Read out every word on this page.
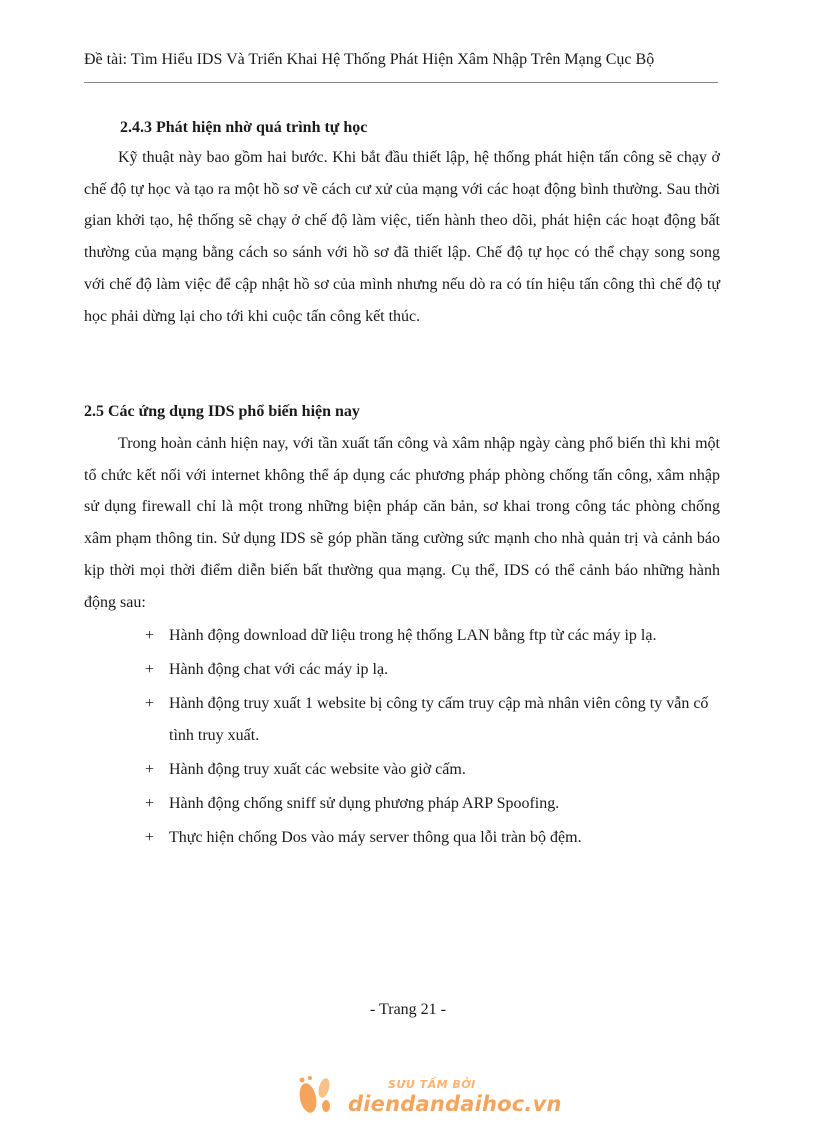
Đề tài: Tìm Hiểu IDS Và Triển Khai Hệ Thống Phát Hiện Xâm Nhập Trên Mạng Cục Bộ
2.4.3 Phát hiện nhờ quá trình tự học
Kỹ thuật này bao gồm hai bước. Khi bắt đầu thiết lập, hệ thống phát hiện tấn công sẽ chạy ở chế độ tự học và tạo ra một hồ sơ về cách cư xử của mạng với các hoạt động bình thường. Sau thời gian khởi tạo, hệ thống sẽ chạy ở chế độ làm việc, tiến hành theo dõi, phát hiện các hoạt động bất thường của mạng bằng cách so sánh với hồ sơ đã thiết lập. Chế độ tự học có thể chạy song song với chế độ làm việc để cập nhật hồ sơ của mình nhưng nếu dò ra có tín hiệu tấn công thì chế độ tự học phải dừng lại cho tới khi cuộc tấn công kết thúc.
2.5 Các ứng dụng IDS phổ biến hiện nay
Trong hoàn cảnh hiện nay, với tần xuất tấn công và xâm nhập ngày càng phổ biến thì khi một tổ chức kết nối với internet không thể áp dụng các phương pháp phòng chống tấn công, xâm nhập sử dụng firewall chỉ là một trong những biện pháp căn bản, sơ khai trong công tác phòng chống xâm phạm thông tin. Sử dụng IDS sẽ góp phần tăng cường sức mạnh cho nhà quản trị và cảnh báo kịp thời mọi thời điểm diễn biến bất thường qua mạng. Cụ thể, IDS có thể cảnh báo những hành động sau:
+ Hành động download dữ liệu trong hệ thống LAN bằng ftp từ các máy ip lạ.
+ Hành động chat với các máy ip lạ.
+ Hành động truy xuất 1 website bị công ty cấm truy cập mà nhân viên công ty vẫn cố tình truy xuất.
+ Hành động truy xuất các website vào giờ cấm.
+ Hành động chống sniff sử dụng phương pháp ARP Spoofing.
+ Thực hiện chống Dos vào máy server thông qua lỗi tràn bộ đệm.
- Trang 21 -
SƯU TẦM BỞI
diendandaihoc.vn
